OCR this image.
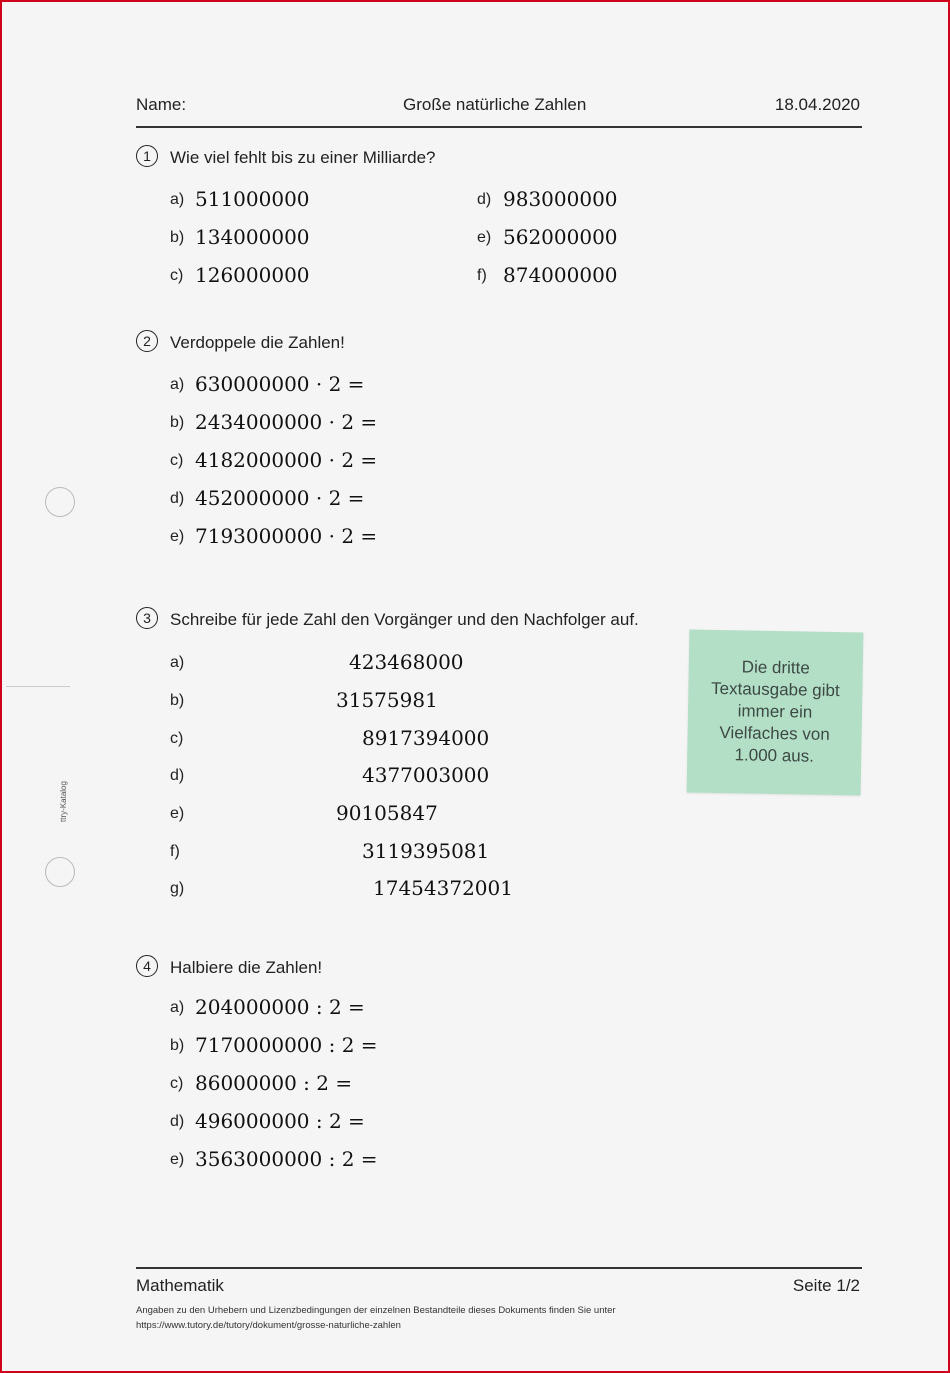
ttry-Katalog
Name:	Große natürliche Zahlen	18.04.2020
1	Wie viel fehlt bis zu einer Milliarde?
a) 511000000
b) 134000000
c) 126000000
d) 983000000
e) 562000000
f) 874000000
2	Verdoppele die Zahlen!
a) 630000000 · 2 =
b) 2434000000 · 2 =
c) 4182000000 · 2 =
d) 452000000 · 2 =
e) 7193000000 · 2 =
3	Schreibe für jede Zahl den Vorgänger und den Nachfolger auf.
a)	423468000
b)	31575981
c)	8917394000
d)	4377003000
e)	90105847
f)	3119395081
g)	17454372001
Die dritte
Textausgabe gibt
immer ein
Vielfaches von
1.000 aus.
4	Halbiere die Zahlen!
a) 204000000 : 2 =
b) 7170000000 : 2 =
c) 86000000 : 2 =
d) 496000000 : 2 =
e) 3563000000 : 2 =
Mathematik	Seite 1/2
Angaben zu den Urhebern und Lizenzbedingungen der einzelnen Bestandteile dieses Dokuments finden Sie unter
https://www.tutory.de/tutory/dokument/grosse-naturliche-zahlen
